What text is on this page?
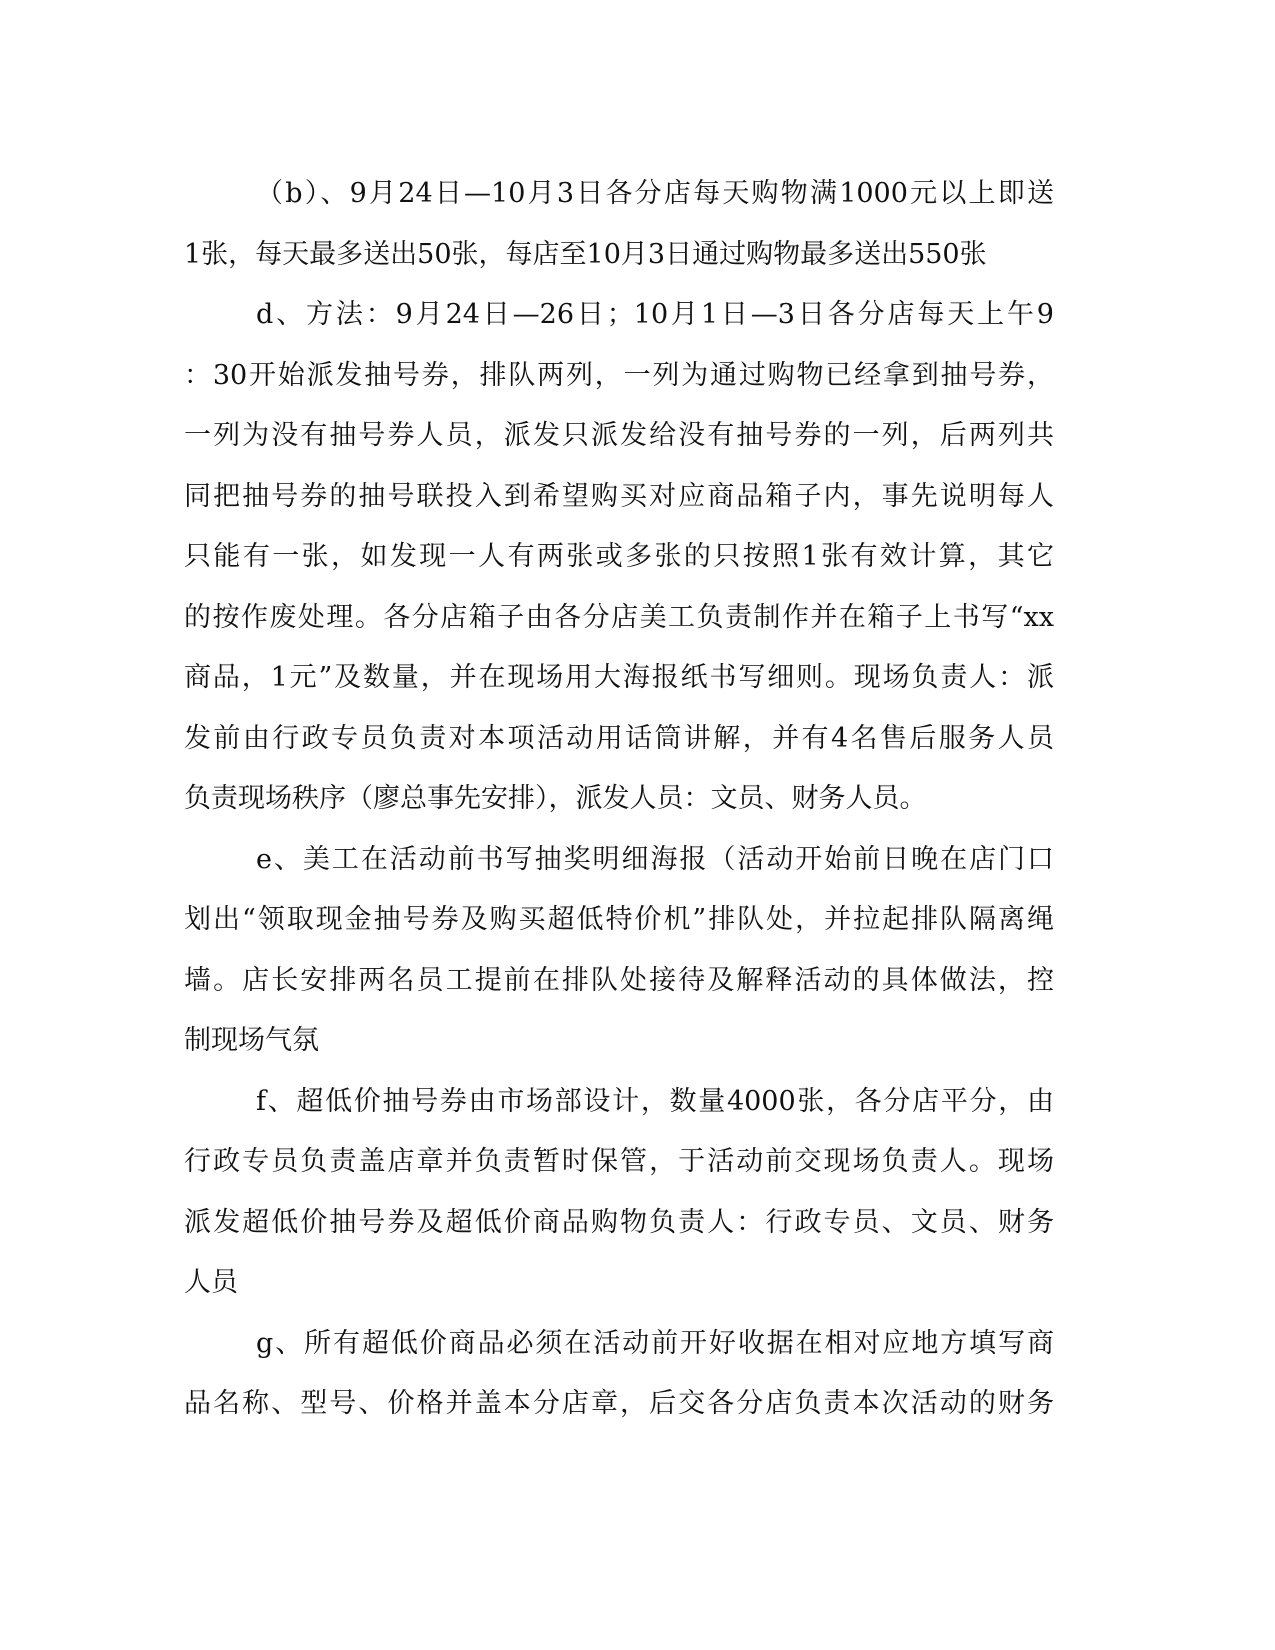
（b）、9月24日—10月3日各分店每天购物满1000元以上即送
1张，每天最多送出50张，每店至10月3日通过购物最多送出550张
d、方法：9月24日—26日；10月1日—3日各分店每天上午9
：30开始派发抽号券，排队两列，一列为通过购物已经拿到抽号券，
一列为没有抽号券人员，派发只派发给没有抽号券的一列，后两列共
同把抽号券的抽号联投入到希望购买对应商品箱子内，事先说明每人
只能有一张，如发现一人有两张或多张的只按照1张有效计算，其它
的按作废处理。各分店箱子由各分店美工负责制作并在箱子上书写“xx
商品，1元”及数量，并在现场用大海报纸书写细则。现场负责人：派
发前由行政专员负责对本项活动用话筒讲解，并有4名售后服务人员
负责现场秩序（廖总事先安排），派发人员：文员、财务人员。
e、美工在活动前书写抽奖明细海报（活动开始前日晚在店门口
划出“领取现金抽号券及购买超低特价机”排队处，并拉起排队隔离绳
墙。店长安排两名员工提前在排队处接待及解释活动的具体做法，控
制现场气氛
f、超低价抽号券由市场部设计，数量4000张，各分店平分，由
行政专员负责盖店章并负责暂时保管，于活动前交现场负责人。现场
派发超低价抽号券及超低价商品购物负责人：行政专员、文员、财务
人员
g、所有超低价商品必须在活动前开好收据在相对应地方填写商
品名称、型号、价格并盖本分店章，后交各分店负责本次活动的财务
